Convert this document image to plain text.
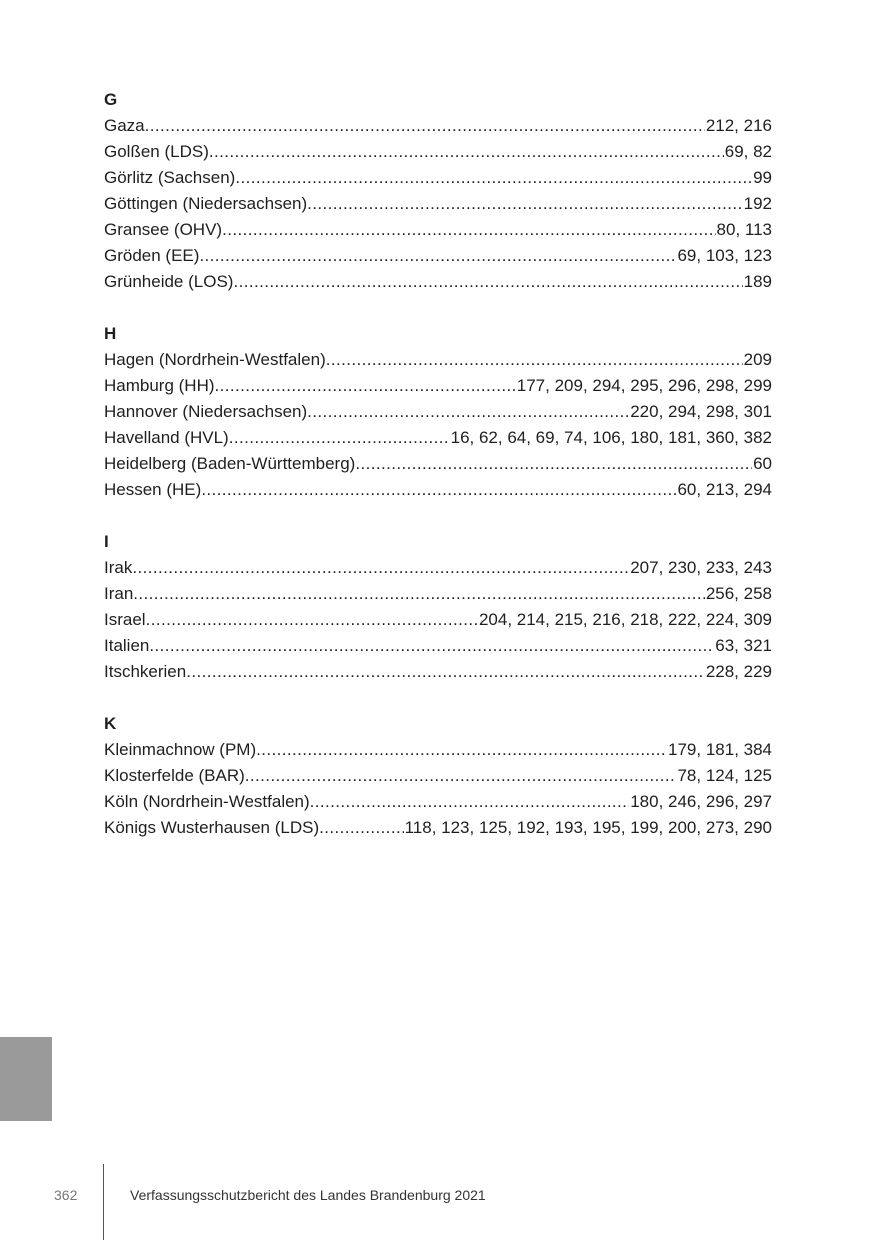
G
Gaza .....	212, 216
Golßen (LDS) .....	69, 82
Görlitz (Sachsen) .....	99
Göttingen (Niedersachsen) .....	192
Gransee (OHV) .....	80, 113
Gröden (EE) .....	69, 103, 123
Grünheide (LOS) .....	189
H
Hagen (Nordrhein-Westfalen) .....	209
Hamburg (HH) .....	177, 209, 294, 295, 296, 298, 299
Hannover (Niedersachsen) .....	220, 294, 298, 301
Havelland (HVL) .....	16, 62, 64, 69, 74, 106, 180, 181, 360, 382
Heidelberg (Baden-Württemberg) .....	60
Hessen (HE) .....	60, 213, 294
I
Irak .....	207, 230, 233, 243
Iran .....	256, 258
Israel .....	204, 214, 215, 216, 218, 222, 224, 309
Italien .....	63, 321
Itschkerien .....	228, 229
K
Kleinmachnow (PM) .....	179, 181, 384
Klosterfelde (BAR) .....	78, 124, 125
Köln (Nordrhein-Westfalen) .....	180, 246, 296, 297
Königs Wusterhausen (LDS) .....	118, 123, 125, 192, 193, 195, 199, 200, 273, 290
362	Verfassungsschutzbericht des Landes Brandenburg 2021
